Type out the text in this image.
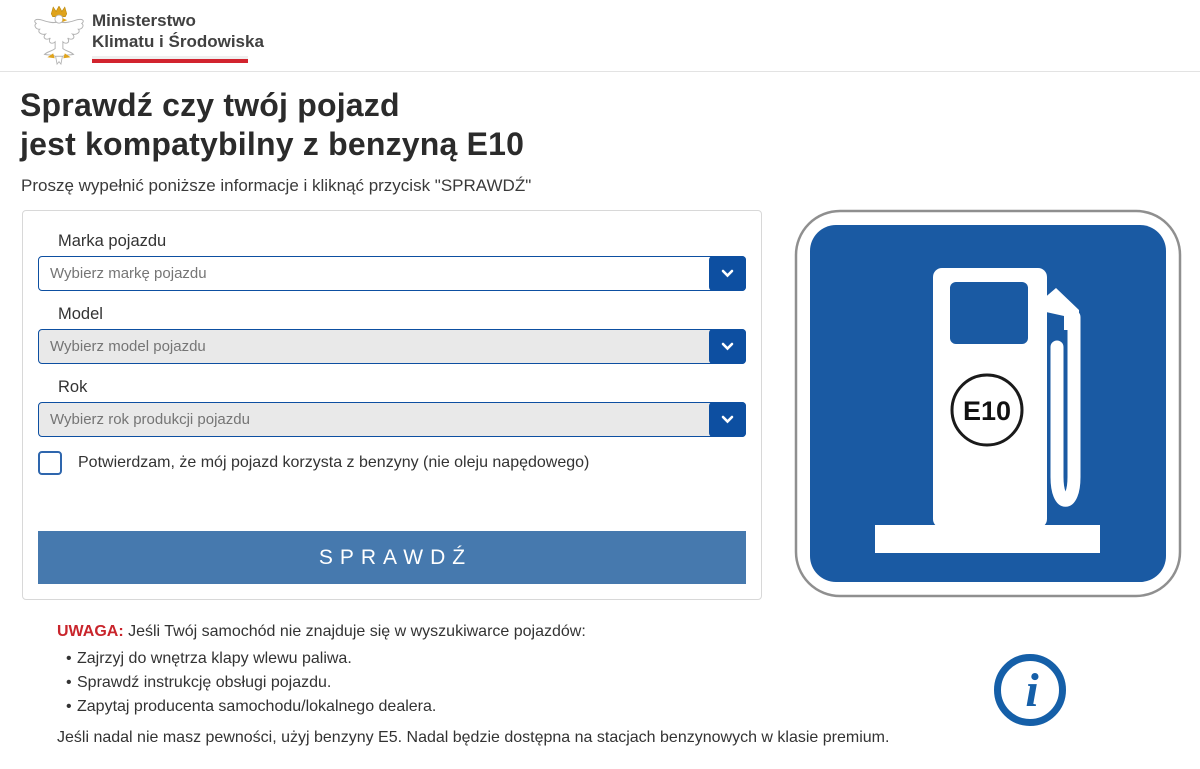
Ministerstwo
Klimatu i Środowiska
Sprawdź czy twój pojazd
jest kompatybilny z benzyną E10
Proszę wypełnić poniższe informacje i kliknąć przycisk "SPRAWDŹ"
Marka pojazdu
Wybierz markę pojazdu
Model
Wybierz model pojazdu
Rok
Wybierz rok produkcji pojazdu
Potwierdzam, że mój pojazd korzysta z benzyny (nie oleju napędowego)
SPRAWDŹ
E10
UWAGA: Jeśli Twój samochód nie znajduje się w wyszukiwarce pojazdów:
• Zajrzyj do wnętrza klapy wlewu paliwa.
• Sprawdź instrukcję obsługi pojazdu.
• Zapytaj producenta samochodu/lokalnego dealera.
Jeśli nadal nie masz pewności, użyj benzyny E5. Nadal będzie dostępna na stacjach benzynowych w klasie premium.
i
